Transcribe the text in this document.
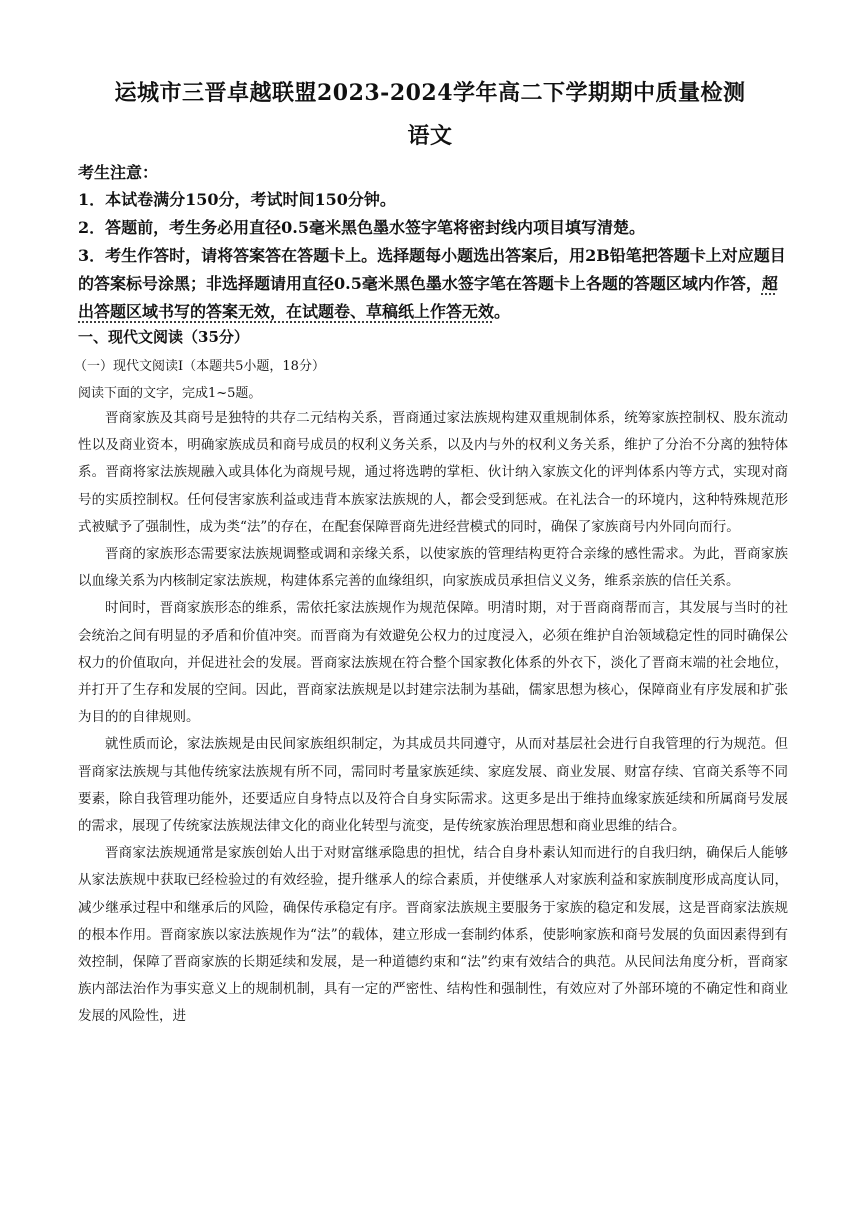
运城市三晋卓越联盟2023-2024学年高二下学期期中质量检测
语文
考生注意：

1．本试卷满分150分，考试时间150分钟。

2．答题前，考生务必用直径0.5毫米黑色墨水签字笔将密封线内项目填写清楚。

3．考生作答时，请将答案答在答题卡上。选择题每小题选出答案后，用2B铅笔把答题卡上对应题目的答案标号涂黑；非选择题请用直径0.5毫米黑色墨水签字笔在答题卡上各题的答题区域内作答，超出答题区域书写的答案无效，在试题卷、草稿纸上作答无效。

一、现代文阅读（35分）
（一）现代文阅读Ⅰ（本题共5小题，18分）
阅读下面的文字，完成1~5题。

晋商家族及其商号是独特的共存二元结构关系，晋商通过家法族规构建双重规制体系，统筹家族控制权、股东流动性以及商业资本，明确家族成员和商号成员的权利义务关系，以及内与外的权利义务关系，维护了分治不分离的独特体系。晋商将家法族规融入或具体化为商规号规，通过将选聘的掌柜、伙计纳入家族文化的评判体系内等方式，实现对商号的实质控制权。任何侵害家族利益或违背本族家法族规的人，都会受到惩戒。在礼法合一的环境内，这种特殊规范形式被赋予了强制性，成为类“法”的存在，在配套保障晋商先进经营模式的同时，确保了家族商号内外同向而行。

晋商的家族形态需要家法族规调整或调和亲缘关系，以使家族的管理结构更符合亲缘的感性需求。为此，晋商家族以血缘关系为内核制定家法族规，构建体系完善的血缘组织，向家族成员承担信义义务，维系亲族的信任关系。

时间时，晋商家族形态的维系，需依托家法族规作为规范保障。明清时期，对于晋商商帮而言，其发展与当时的社会统治之间有明显的矛盾和价值冲突。而晋商为有效避免公权力的过度浸入，必须在维护自治领域稳定性的同时确保公权力的价值取向，并促进社会的发展。晋商家法族规在符合整个国家教化体系的外衣下，淡化了晋商末端的社会地位，并打开了生存和发展的空间。因此，晋商家法族规是以封建宗法制为基础，儒家思想为核心，保障商业有序发展和扩张为目的的自律规则。

就性质而论，家法族规是由民间家族组织制定，为其成员共同遵守，从而对基层社会进行自我管理的行为规范。但晋商家法族规与其他传统家法族规有所不同，需同时考量家族延续、家庭发展、商业发展、财富存续、官商关系等不同要素，除自我管理功能外，还要适应自身特点以及符合自身实际需求。这更多是出于维持血缘家族延续和所属商号发展的需求，展现了传统家法族规法律文化的商业化转型与流变，是传统家族治理思想和商业思维的结合。

晋商家法族规通常是家族创始人出于对财富继承隐患的担忧，结合自身朴素认知而进行的自我归纳，确保后人能够从家法族规中获取已经检验过的有效经验，提升继承人的综合素质，并使继承人对家族利益和家族制度形成高度认同，减少继承过程中和继承后的风险，确保传承稳定有序。晋商家法族规主要服务于家族的稳定和发展，这是晋商家法族规的根本作用。晋商家族以家法族规作为“法”的载体，建立形成一套制约体系，使影响家族和商号发展的负面因素得到有效控制，保障了晋商家族的长期延续和发展，是一种道德约束和“法”约束有效结合的典范。从民间法角度分析，晋商家族内部法治作为事实意义上的规制机制，具有一定的严密性、结构性和强制性，有效应对了外部环境的不确定性和商业发展的风险性，进
